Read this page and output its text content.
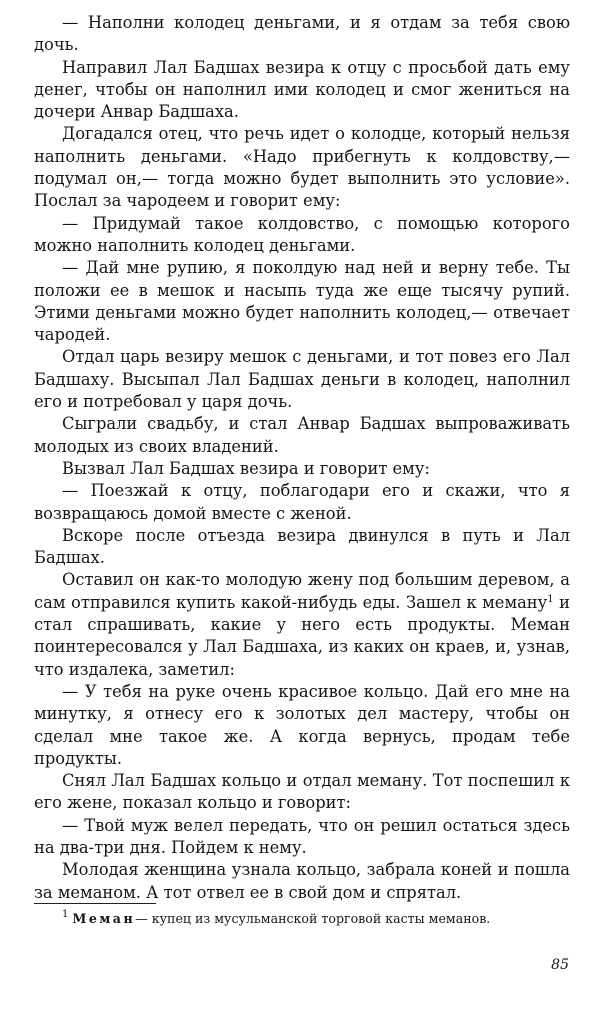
— Наполни колодец деньгами, и я отдам за тебя свою дочь.

Направил Лал Бадшах везира к отцу с просьбой дать ему денег, чтобы он наполнил ими колодец и смог жениться на дочери Анвар Бадшаха.

Догадался отец, что речь идет о колодце, который нельзя наполнить деньгами. «Надо прибегнуть к колдовству,— подумал он,— тогда можно будет выполнить это условие». Послал за чародеем и говорит ему:

— Придумай такое колдовство, с помощью которого можно наполнить колодец деньгами.

— Дай мне рупию, я поколдую над ней и верну тебе. Ты положи ее в мешок и насыпь туда же еще тысячу рупий. Этими деньгами можно будет наполнить колодец,— отвечает чародей.

Отдал царь везиру мешок с деньгами, и тот повез его Лал Бадшаху. Высыпал Лал Бадшах деньги в колодец, наполнил его и потребовал у царя дочь.

Сыграли свадьбу, и стал Анвар Бадшах выпроваживать молодых из своих владений.

Вызвал Лал Бадшах везира и говорит ему:

— Поезжай к отцу, поблагодари его и скажи, что я возвращаюсь домой вместе с женой.

Вскоре после отъезда везира двинулся в путь и Лал Бадшах.

Оставил он как-то молодую жену под большим деревом, а сам отправился купить какой-нибудь еды. Зашел к меману$^1$ и стал спрашивать, какие у него есть продукты. Меман поинтересовался у Лал Бадшаха, из каких он краев, и, узнав, что издалека, заметил:

— У тебя на руке очень красивое кольцо. Дай его мне на минутку, я отнесу его к золотых дел мастеру, чтобы он сделал мне такое же. А когда вернусь, продам тебе продукты.

Снял Лал Бадшах кольцо и отдал меману. Тот поспешил к его жене, показал кольцо и говорит:

— Твой муж велел передать, что он решил остаться здесь на два-три дня. Пойдем к нему.

Молодая женщина узнала кольцо, забрала коней и пошла за меманом. А тот отвел ее в свой дом и спрятал.

$^1$ Меман— купец из мусульманской торговой касты меманов.
85
